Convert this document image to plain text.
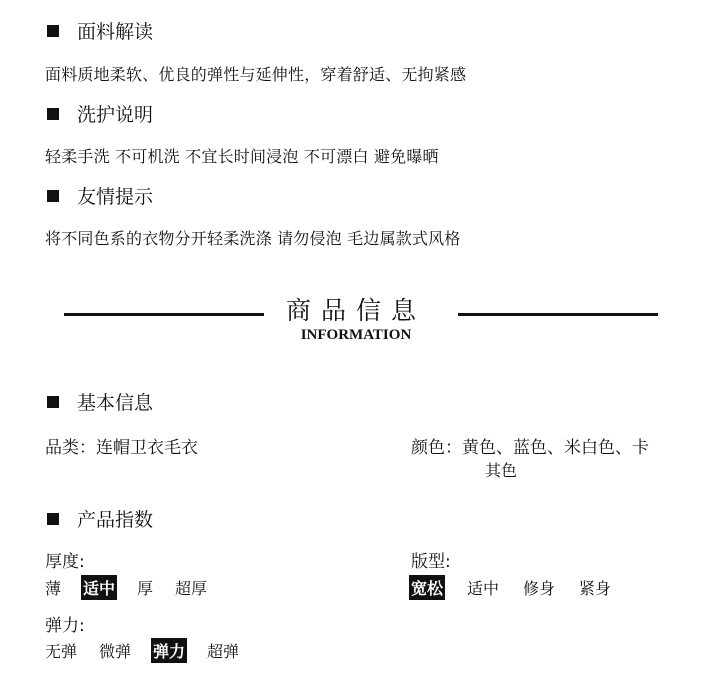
面料解读
面料质地柔软、优良的弹性与延伸性，穿着舒适、无拘紧感
洗护说明
轻柔手洗 不可机洗 不宜长时间浸泡 不可漂白 避免曝晒
友情提示
将不同色系的衣物分开轻柔洗涤 请勿侵泡 毛边属款式风格
商品信息
INFORMATION
基本信息
品类：连帽卫衣毛衣	颜色：黄色、蓝色、米白色、卡
其色
产品指数
厚度:
薄 适中 厚 超厚
版型:
宽松 适中 修身 紧身
弹力:
无弹 微弹 弹力 超弹
